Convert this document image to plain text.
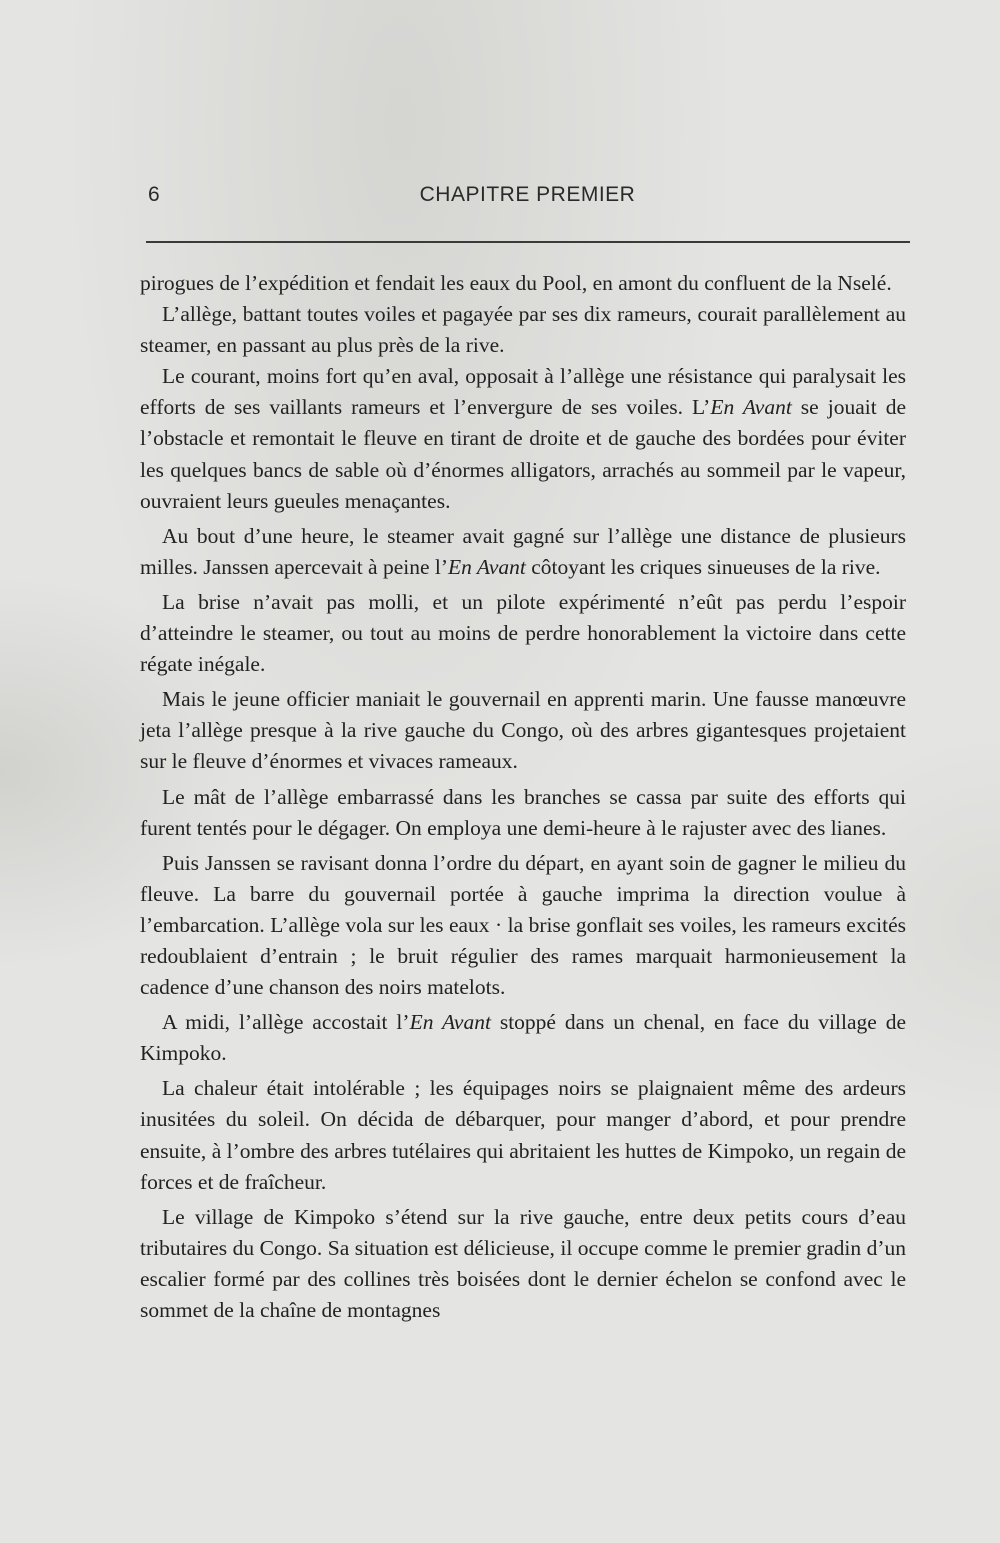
6	CHAPITRE PREMIER

pirogues de l’expédition et fendait les eaux du Pool, en amont du confluent de la Nselé.

L’allège, battant toutes voiles et pagayée par ses dix rameurs, courait parallèlement au steamer, en passant au plus près de la rive.

Le courant, moins fort qu’en aval, opposait à l’allège une résistance qui paralysait les efforts de ses vaillants rameurs et l’envergure de ses voiles. L’En Avant se jouait de l’obstacle et remontait le fleuve en tirant de droite et de gauche des bordées pour éviter les quelques bancs de sable où d’énormes alligators, arrachés au sommeil par le vapeur, ouvraient leurs gueules menaçantes.

Au bout d’une heure, le steamer avait gagné sur l’allège une distance de plusieurs milles. Janssen apercevait à peine l’En Avant côtoyant les criques sinueuses de la rive.

La brise n’avait pas molli, et un pilote expérimenté n’eût pas perdu l’espoir d’atteindre le steamer, ou tout au moins de perdre honorablement la victoire dans cette régate inégale.

Mais le jeune officier maniait le gouvernail en apprenti marin. Une fausse manœuvre jeta l’allège presque à la rive gauche du Congo, où des arbres gigantesques projetaient sur le fleuve d’énormes et vivaces rameaux.

Le mât de l’allège embarrassé dans les branches se cassa par suite des efforts qui furent tentés pour le dégager. On employa une demi-heure à le rajuster avec des lianes.

Puis Janssen se ravisant donna l’ordre du départ, en ayant soin de gagner le milieu du fleuve. La barre du gouvernail portée à gauche imprima la direction voulue à l’embarcation. L’allège vola sur les eaux · la brise gonflait ses voiles, les rameurs excités redoublaient d’entrain ; le bruit régulier des rames marquait harmonieusement la cadence d’une chanson des noirs matelots.

A midi, l’allège accostait l’En Avant stoppé dans un chenal, en face du village de Kimpoko.

La chaleur était intolérable ; les équipages noirs se plaignaient même des ardeurs inusitées du soleil. On décida de débarquer, pour manger d’abord, et pour prendre ensuite, à l’ombre des arbres tutélaires qui abritaient les huttes de Kimpoko, un regain de forces et de fraîcheur.

Le village de Kimpoko s’étend sur la rive gauche, entre deux petits cours d’eau tributaires du Congo. Sa situation est délicieuse, il occupe comme le premier gradin d’un escalier formé par des collines très boisées dont le dernier échelon se confond avec le sommet de la chaîne de montagnes
